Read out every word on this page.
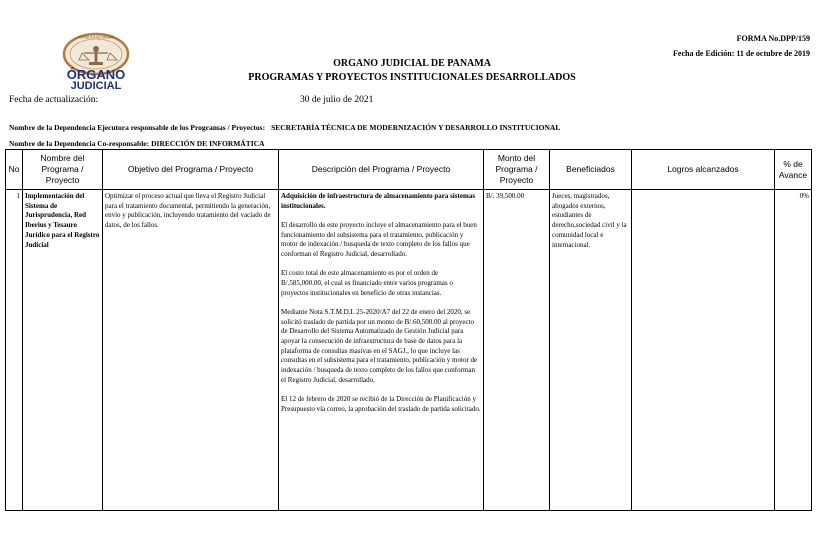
REPÚBLICA DE PANAMÁ
ÓRGANO
JUDICIAL
FORMA No.DPP/159
Fecha de Edición: 11 de octubre de 2019
ORGANO JUDICIAL DE PANAMA
PROGRAMAS Y PROYECTOS INSTITUCIONALES DESARROLLADOS
Fecha de actualización:	30 de julio de 2021
Nombre de la Dependencia Ejecutora responsable de los Programas / Proyectos: SECRETARÍA TÉCNICA DE MODERNIZACIÓN Y DESARROLLO INSTITUCIONAL
Nombre de la Dependencia Co-responsable: DIRECCIÓN DE INFORMÁTICA
No	Nombre del Programa / Proyecto	Objetivo del Programa / Proyecto	Descripción del Programa / Proyecto	Monto del Programa / Proyecto	Beneficiados	Logros alcanzados	% de Avance
1	Implementación del Sistema de Jurisprudencia, Red Iberius y Tesauro Jurídico para el Registro Judicial	Optimizar el proceso actual que lleva el Registro Judicial para el tratamiento documental, permitiendo la generación, envío y publicación, incluyendo tratamiento del vaciado de datos, de los fallos.	Adquisición de infraestructura de almacenamiento para sistemas institucionales.

El desarrollo de este proyecto incluye el almacenamiento para el buen funcionamiento del subsistema para el tratamiento, publicación y motor de indexación / busqueda de texto completo de los fallos que conforman el Registro Judicial, desarrollado.

El costo total de este almacenamiento es por el orden de B/.585,000.00, el cual es financiado entre varios programas o proyectos institucionales en beneficio de otras instancias.

Mediante Nota S.T.M.D.I. 25-2020/A7 del 22 de enero del 2020, se solicitó traslado de partida por un monto de B/.60,500.00 al proyecto de Desarrollo del Sistema Automatizado de Gestión Judicial para apoyar la consecución de infraestructura de base de datos para la plataforma de consultas masivas en el SAGJ., lo que incluye las consultas en el subsistema para el tratamiento, publicación y motor de indexación / busqueda de texto completo de los fallos que conforman el Registro Judicial, desarrollado.

El 12 de febrero de 2020 se recibió de la Dirección de Planificación y Presupuesto vía correo, la aprobación del traslado de partida solicitado.	B/. 39,500.00	Jueces, magistrados, abogados externos, estudiantes de derecho,sociedad civil y la comunidad local e internacional.		0%
